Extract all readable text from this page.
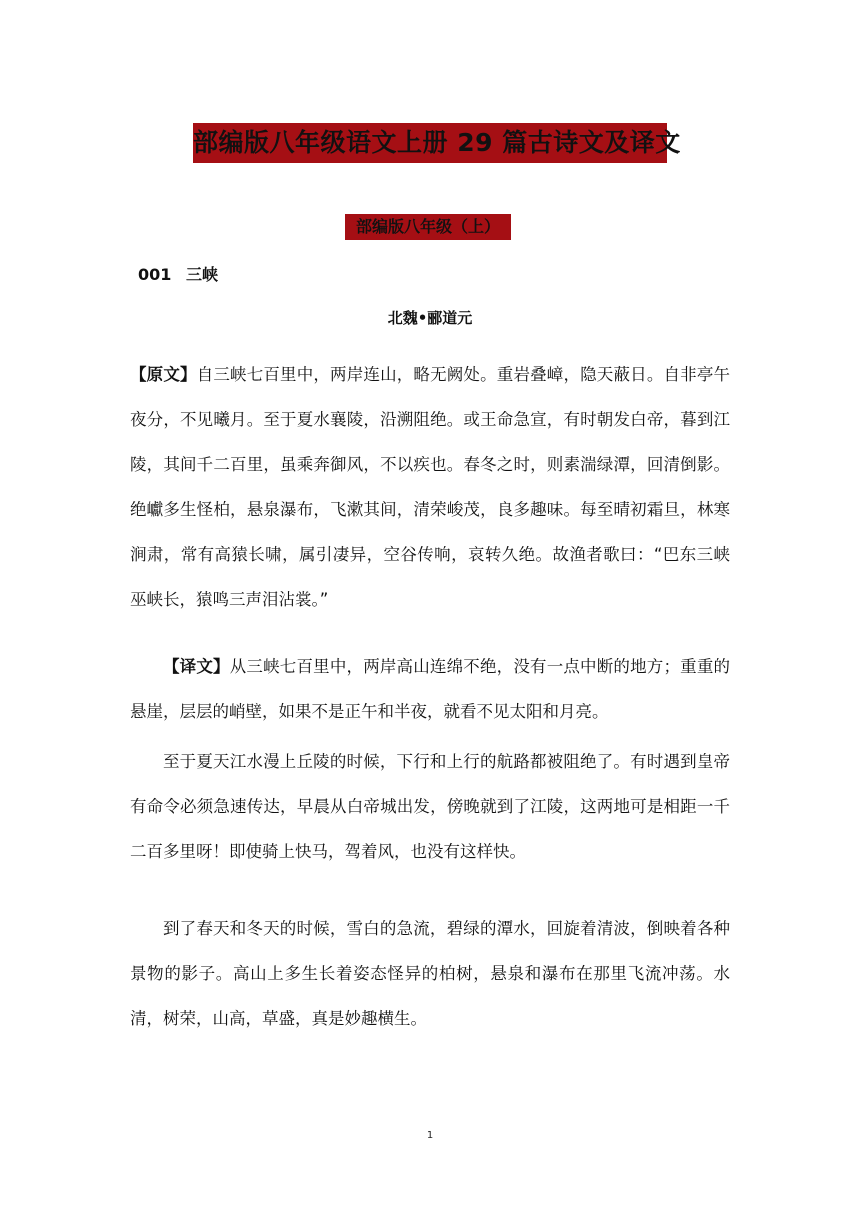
部编版八年级语文上册 29 篇古诗文及译文
部编版八年级（上）
001 三峡
北魏•郦道元

【原文】自三峡七百里中，两岸连山，略无阙处。重岩叠嶂，隐天蔽日。自非亭午夜分，不见曦月。至于夏水襄陵，沿溯阻绝。或王命急宣，有时朝发白帝，暮到江陵，其间千二百里，虽乘奔御风，不以疾也。春冬之时，则素湍绿潭，回清倒影。绝巘多生怪柏，悬泉瀑布，飞漱其间，清荣峻茂，良多趣味。每至晴初霜旦，林寒涧肃，常有高猿长啸，属引凄异，空谷传响，哀转久绝。故渔者歌曰：“巴东三峡巫峡长，猿鸣三声泪沾裳。”

【译文】从三峡七百里中，两岸高山连绵不绝，没有一点中断的地方；重重的悬崖，层层的峭壁，如果不是正午和半夜，就看不见太阳和月亮。

至于夏天江水漫上丘陵的时候，下行和上行的航路都被阻绝了。有时遇到皇帝有命令必须急速传达，早晨从白帝城出发，傍晚就到了江陵，这两地可是相距一千二百多里呀！即使骑上快马，驾着风，也没有这样快。

到了春天和冬天的时候，雪白的急流，碧绿的潭水，回旋着清波，倒映着各种景物的影子。高山上多生长着姿态怪异的柏树，悬泉和瀑布在那里飞流冲荡。水清，树荣，山高，草盛，真是妙趣横生。

1
